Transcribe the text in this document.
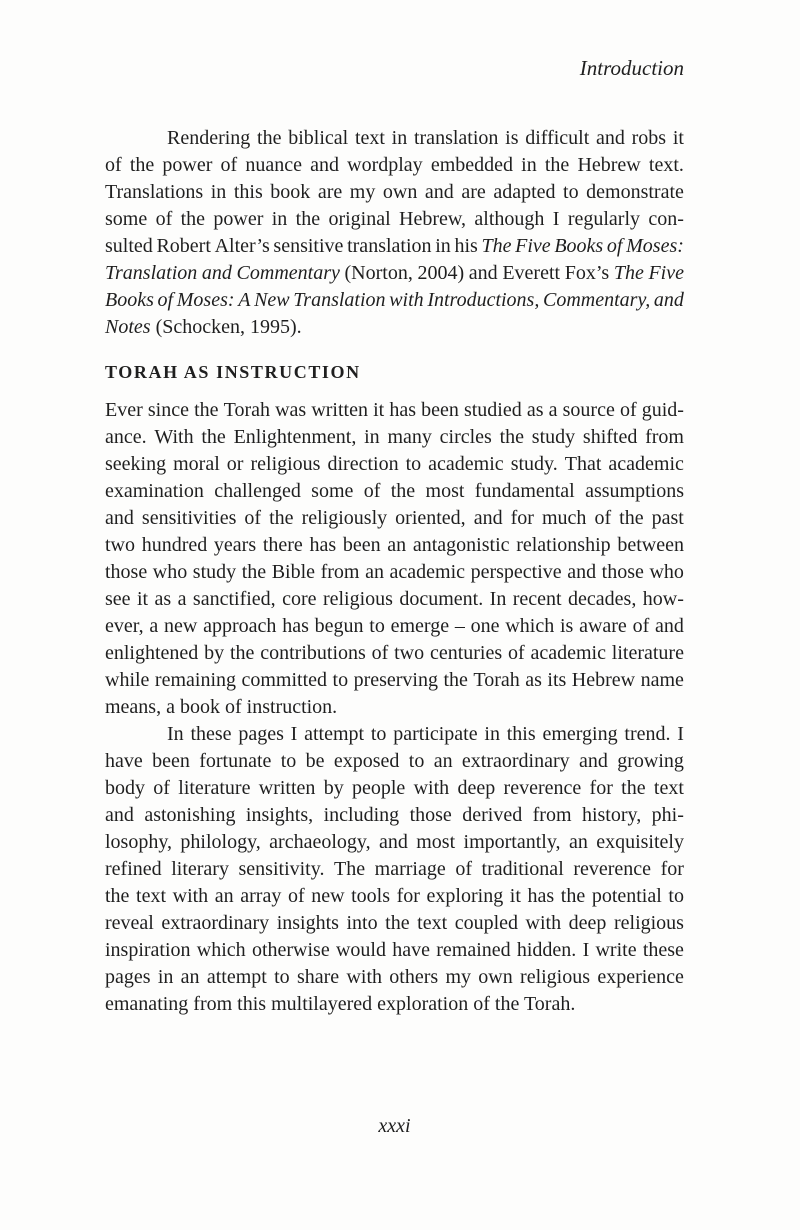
Introduction
Rendering the biblical text in translation is difficult and robs it
of the power of nuance and wordplay embedded in the Hebrew text.
Translations in this book are my own and are adapted to demonstrate
some of the power in the original Hebrew, although I regularly con-
sulted Robert Alter’s sensitive translation in his The Five Books of Moses:
Translation and Commentary (Norton, 2004) and Everett Fox’s The Five
Books of Moses: A New Translation with Introductions, Commentary, and
Notes (Schocken, 1995).
TORAH AS INSTRUCTION
Ever since the Torah was written it has been studied as a source of guid-
ance. With the Enlightenment, in many circles the study shifted from
seeking moral or religious direction to academic study. That academic
examination challenged some of the most fundamental assumptions
and sensitivities of the religiously oriented, and for much of the past
two hundred years there has been an antagonistic relationship between
those who study the Bible from an academic perspective and those who
see it as a sanctified, core religious document. In recent decades, how-
ever, a new approach has begun to emerge – one which is aware of and
enlightened by the contributions of two centuries of academic literature
while remaining committed to preserving the Torah as its Hebrew name
means, a book of instruction.
In these pages I attempt to participate in this emerging trend. I
have been fortunate to be exposed to an extraordinary and growing
body of literature written by people with deep reverence for the text
and astonishing insights, including those derived from history, phi-
losophy, philology, archaeology, and most importantly, an exquisitely
refined literary sensitivity. The marriage of traditional reverence for
the text with an array of new tools for exploring it has the potential to
reveal extraordinary insights into the text coupled with deep religious
inspiration which otherwise would have remained hidden. I write these
pages in an attempt to share with others my own religious experience
emanating from this multilayered exploration of the Torah.
xxxi
